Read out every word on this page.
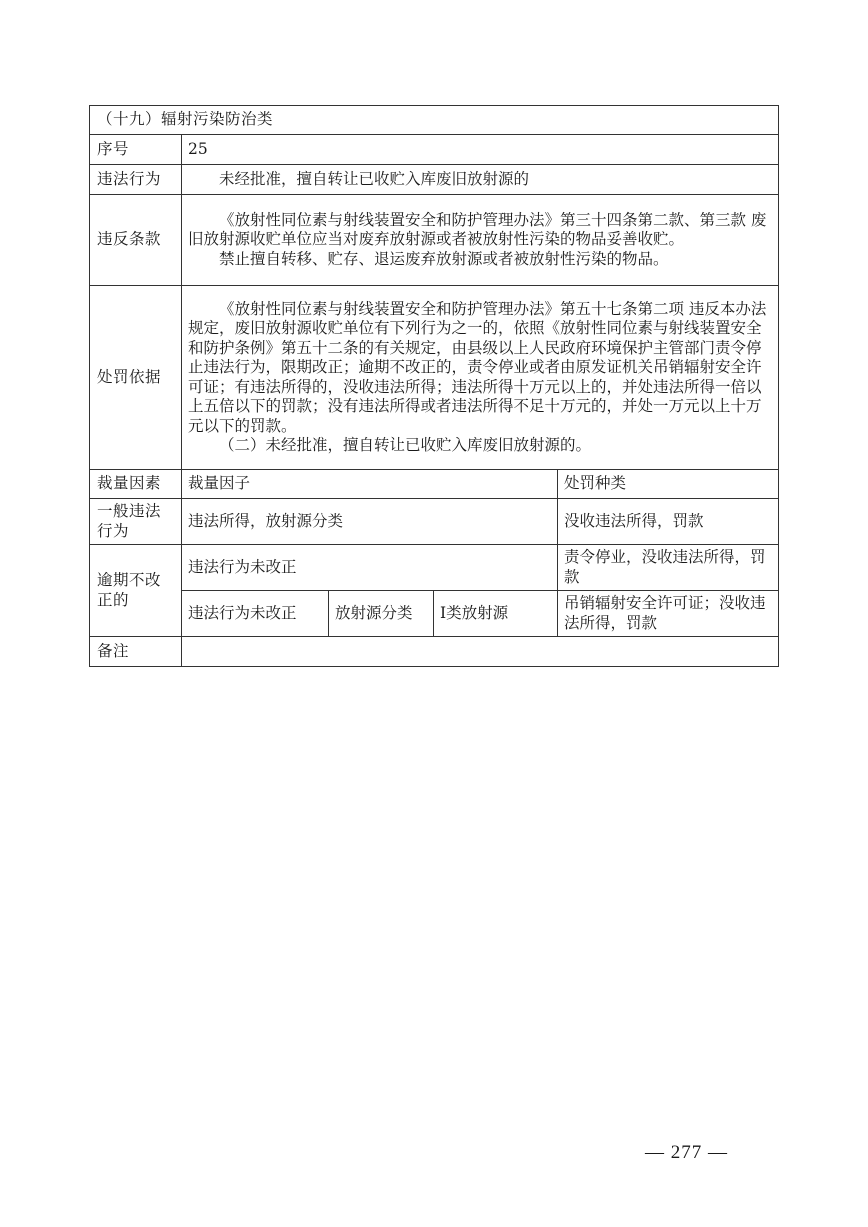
（十九）辐射污染防治类				
序号	25			
违法行为	未经批准，擅自转让已收贮入库废旧放射源的			
违反条款	《放射性同位素与射线装置安全和防护管理办法》第三十四条第二款、第三款 废旧放射源收贮单位应当对废弃放射源或者被放射性污染的物品妥善收贮。

禁止擅自转移、贮存、退运废弃放射源或者被放射性污染的物品。			

处罚依据	《放射性同位素与射线装置安全和防护管理办法》第五十七条第二项 违反本办法规定，废旧放射源收贮单位有下列行为之一的，依照《放射性同位素与射线装置安全和防护条例》第五十二条的有关规定，由县级以上人民政府环境保护主管部门责令停止违法行为，限期改正；逾期不改正的，责令停业或者由原发证机关吊销辐射安全许可证；有违法所得的，没收违法所得；违法所得十万元以上的，并处违法所得一倍以上五倍以下的罚款；没有违法所得或者违法所得不足十万元的，并处一万元以上十万元以下的罚款。

（二）未经批准，擅自转让已收贮入库废旧放射源的。			

裁量因素	裁量因子			处罚种类
一般违法行为	违法所得，放射源分类			没收违法所得，罚款
逾期不改正的	违法行为未改正			责令停业，没收违法所得，罚款
	违法行为未改正	放射源分类	I类放射源	吊销辐射安全许可证；没收违法所得，罚款
备注				
— 277 —
